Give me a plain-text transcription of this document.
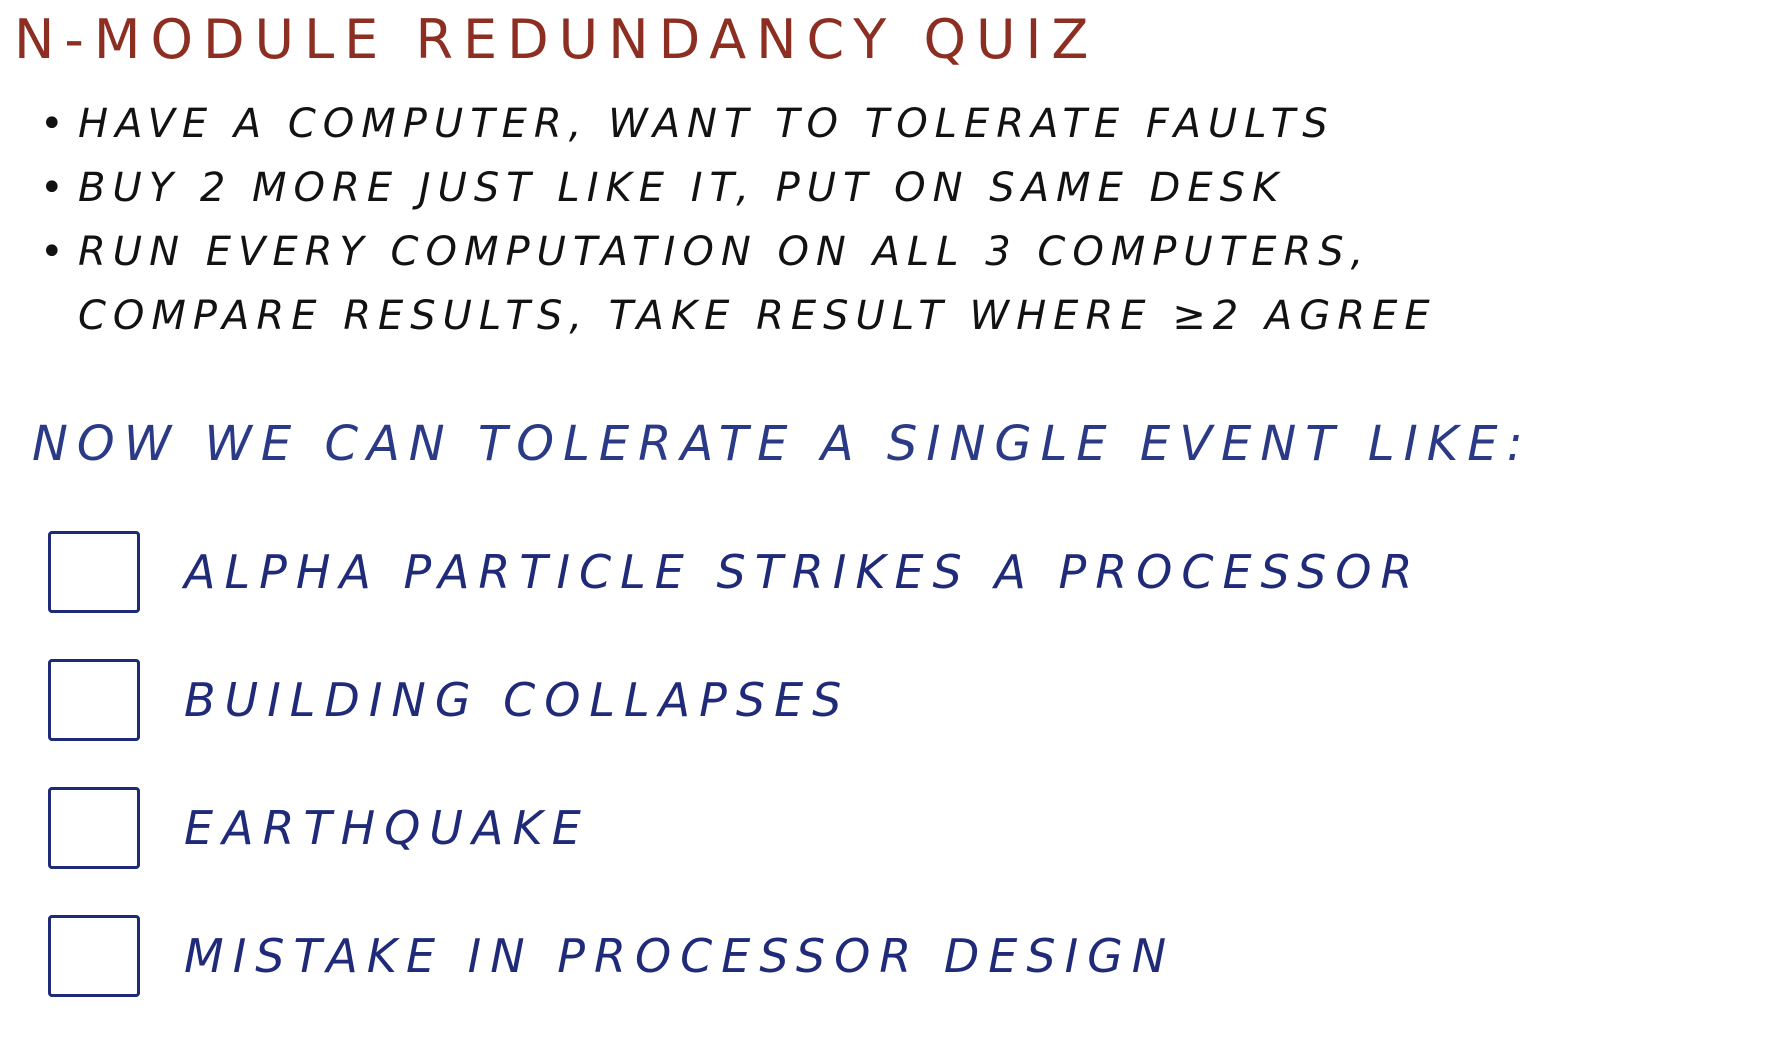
N-MODULE REDUNDANCY QUIZ
• HAVE A COMPUTER, WANT TO TOLERATE FAULTS
• BUY 2 MORE JUST LIKE IT, PUT ON SAME DESK
• RUN EVERY COMPUTATION ON ALL 3 COMPUTERS,
COMPARE RESULTS, TAKE RESULT WHERE ≥2 AGREE
NOW WE CAN TOLERATE A SINGLE EVENT LIKE:
ALPHA PARTICLE STRIKES A PROCESSOR
BUILDING COLLAPSES
EARTHQUAKE
MISTAKE IN PROCESSOR DESIGN
